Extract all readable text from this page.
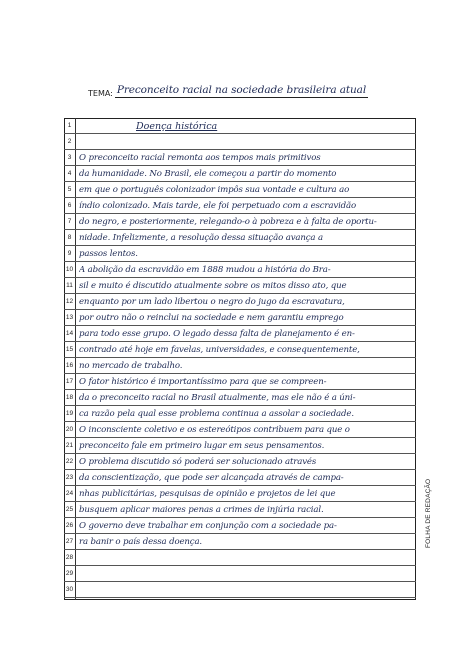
TEMA: Preconceito racial na sociedade brasileira atual
1	Doença histórica
2
3 O preconceito racial remonta aos tempos mais primitivos
4 da humanidade. No Brasil, ele começou a partir do momento
5 em que o português colonizador impôs sua vontade e cultura ao
6 índio colonizado. Mais tarde, ele foi perpetuado com a escravidão
7 do negro, e posteriormente, relegando-o à pobreza e à falta de oportu-
8 nidade. Infelizmente, a resolução dessa situação avança a
9 passos lentos.
10 A abolição da escravidão em 1888 mudou a história do Bra-
11 sil e muito é discutido atualmente sobre os mitos disso ato, que
12 enquanto por um lado libertou o negro do jugo da escravatura,
13 por outro não o reinclui na sociedade e nem garantiu emprego
14 para todo esse grupo. O legado dessa falta de planejamento é en-
15 contrado até hoje em favelas, universidades, e consequentemente,
16 no mercado de trabalho.
17 O fator histórico é importantíssimo para que se compreen-
18 da o preconceito racial no Brasil atualmente, mas ele não é a úni-
19 ca razão pela qual esse problema continua a assolar a sociedade.
20 O inconsciente coletivo e os estereótipos contribuem para que o
21 preconceito fale em primeiro lugar em seus pensamentos.
22 O problema discutido só poderá ser solucionado através
23 da conscientização, que pode ser alcançada através de campa-
24 nhas publicitárias, pesquisas de opinião e projetos de lei que
25 busquem aplicar maiores penas a crimes de injúria racial.
26 O governo deve trabalhar em conjunção com a sociedade pa-
27 ra banir o país dessa doença.
28
29
30
FOLHA DE REDAÇÃO
